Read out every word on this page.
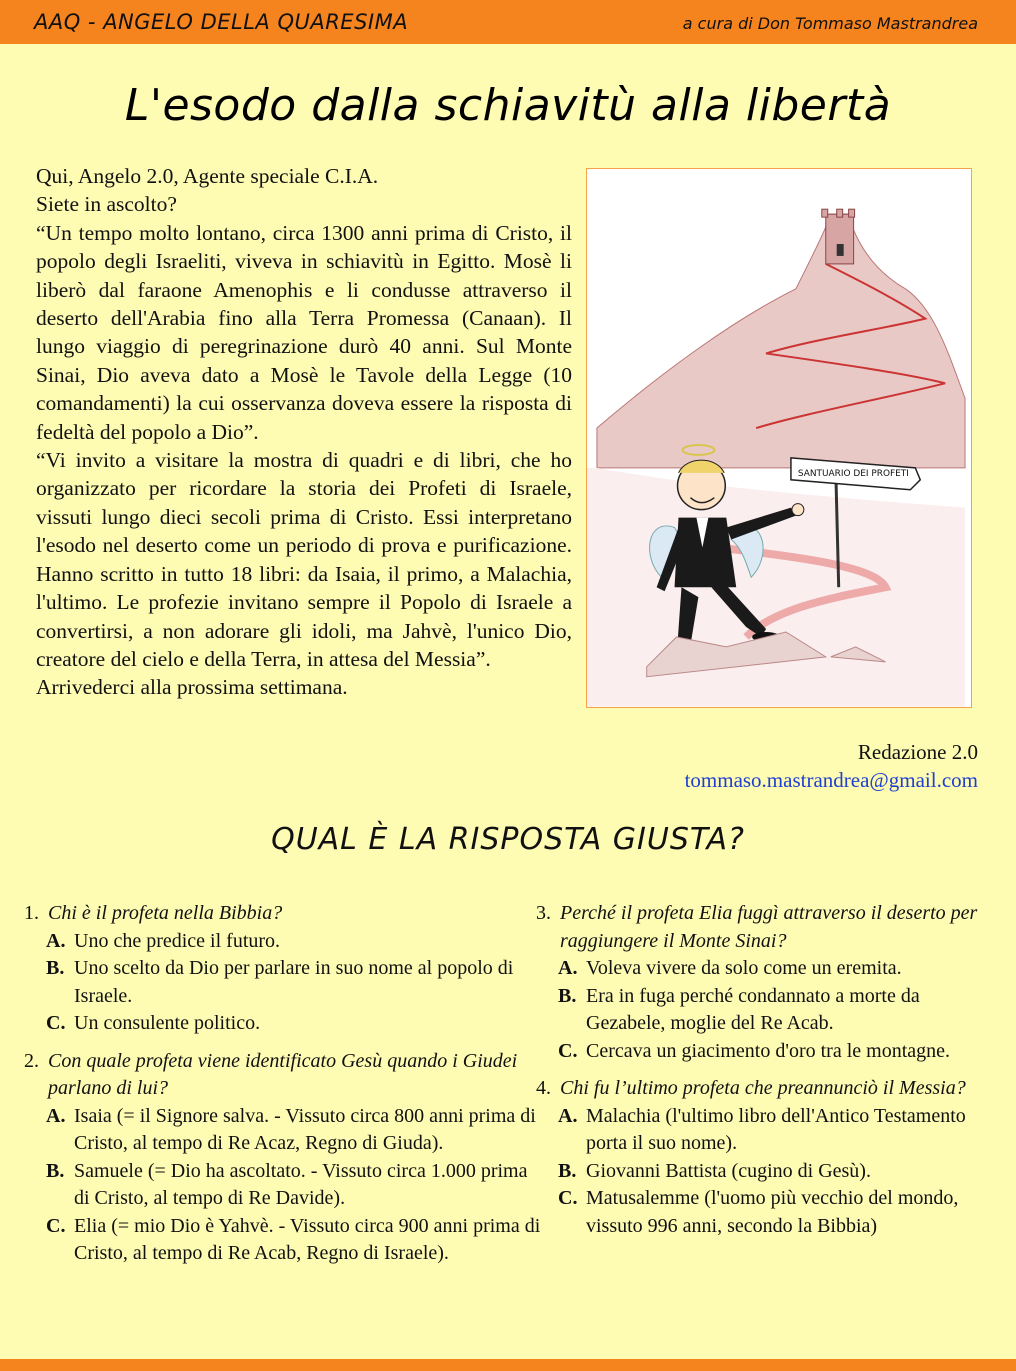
AAQ - ANGELO DELLA QUARESIMA	a cura di Don Tommaso Mastrandrea
L'esodo dalla schiavitù alla libertà

Qui, Angelo 2.0, Agente speciale C.I.A.

Siete in ascolto?

“Un tempo molto lontano, circa 1300 anni prima di Cristo, il popolo degli Israeliti, viveva in schiavitù in Egitto. Mosè li liberò dal faraone Amenophis e li condusse attraverso il deserto dell'Arabia fino alla Terra Promessa (Canaan). Il lungo viaggio di peregrinazione durò 40 anni. Sul Monte Sinai, Dio aveva dato a Mosè le Tavole della Legge (10 comandamenti) la cui osservanza doveva essere la risposta di fedeltà del popolo a Dio”.

“Vi invito a visitare la mostra di quadri e di libri, che ho organizzato per ricordare la storia dei Profeti di Israele, vissuti lungo dieci secoli prima di Cristo. Essi interpretano l'esodo nel deserto come un periodo di prova e purificazione. Hanno scritto in tutto 18 libri: da Isaia, il primo, a Malachia, l'ultimo. Le profezie invitano sempre il Popolo di Israele a convertirsi, a non adorare gli idoli, ma Jahvè, l'unico Dio, creatore del cielo e della Terra, in attesa del Messia”.

Arrivederci alla prossima settimana.

SANTUARIO DEI PROFETI
Redazione 2.0
tommaso.mastrandrea@gmail.com
QUAL È LA RISPOSTA GIUSTA?
1. Chi è il profeta nella Bibbia?
A. Uno che predice il futuro.
B. Uno scelto da Dio per parlare in suo nome al popolo di Israele.
C. Un consulente politico.
2. Con quale profeta viene identificato Gesù quando i Giudei parlano di lui?
A. Isaia (= il Signore salva. - Vissuto circa 800 anni prima di Cristo, al tempo di Re Acaz, Regno di Giuda).
B. Samuele (= Dio ha ascoltato. - Vissuto circa 1.000 prima di Cristo, al tempo di Re Davide).
C. Elia (= mio Dio è Yahvè. - Vissuto circa 900 anni prima di Cristo, al tempo di Re Acab, Regno di Israele).
3. Perché il profeta Elia fuggì attraverso il deserto per raggiungere il Monte Sinai?
A. Voleva vivere da solo come un eremita.
B. Era in fuga perché condannato a morte da Gezabele, moglie del Re Acab.
C. Cercava un giacimento d'oro tra le montagne.
4. Chi fu l’ultimo profeta che preannunciò il Messia?
A. Malachia (l'ultimo libro dell'Antico Testamento porta il suo nome).
B. Giovanni Battista (cugino di Gesù).
C. Matusalemme (l'uomo più vecchio del mondo, vissuto 996 anni, secondo la Bibbia)
